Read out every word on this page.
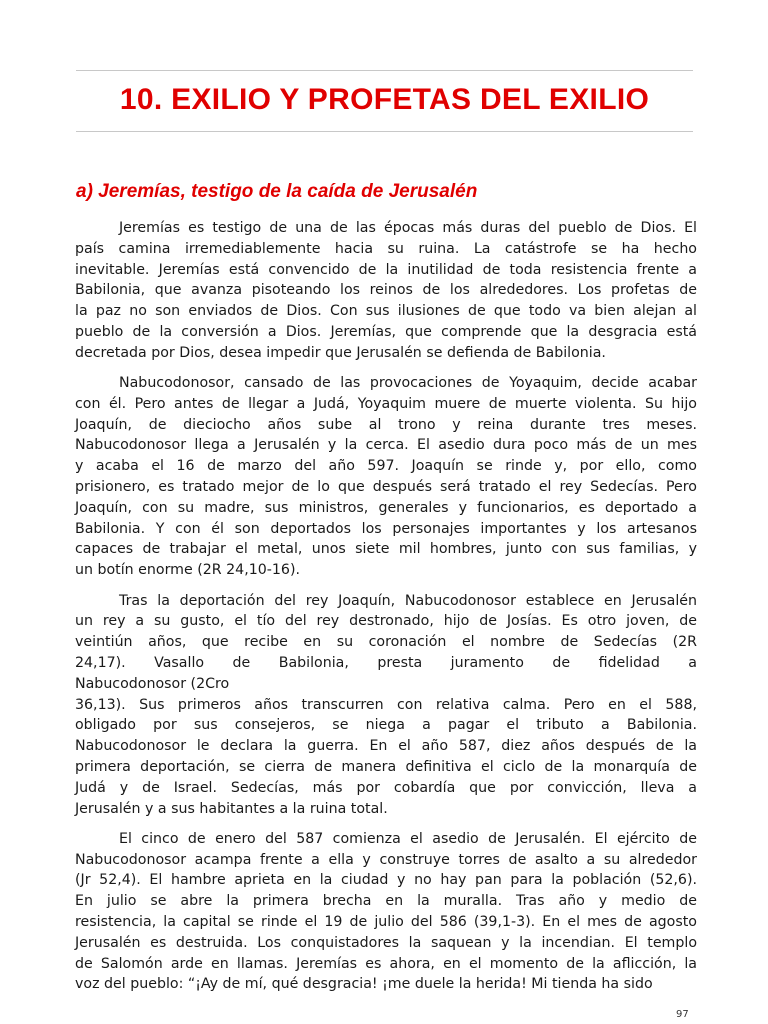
10. EXILIO Y PROFETAS DEL EXILIO
a) Jeremías, testigo de la caída de Jerusalén

Jeremías es testigo de una de las épocas más duras del pueblo de Dios. El
país camina irremediablemente hacia su ruina. La catástrofe se ha hecho
inevitable. Jeremías está convencido de la inutilidad de toda resistencia frente a
Babilonia, que avanza pisoteando los reinos de los alrededores. Los profetas de
la paz no son enviados de Dios. Con sus ilusiones de que todo va bien alejan al
pueblo de la conversión a Dios. Jeremías, que comprende que la desgracia está
decretada por Dios, desea impedir que Jerusalén se defienda de Babilonia.

Nabucodonosor, cansado de las provocaciones de Yoyaquim, decide acabar
con él. Pero antes de llegar a Judá, Yoyaquim muere de muerte violenta. Su hijo
Joaquín, de dieciocho años sube al trono y reina durante tres meses.
Nabucodonosor llega a Jerusalén y la cerca. El asedio dura poco más de un mes
y acaba el 16 de marzo del año 597. Joaquín se rinde y, por ello, como
prisionero, es tratado mejor de lo que después será tratado el rey Sedecías. Pero
Joaquín, con su madre, sus ministros, generales y funcionarios, es deportado a
Babilonia. Y con él son deportados los personajes importantes y los artesanos
capaces de trabajar el metal, unos siete mil hombres, junto con sus familias, y
un botín enorme (2R 24,10-16).

Tras la deportación del rey Joaquín, Nabucodonosor establece en Jerusalén
un rey a su gusto, el tío del rey destronado, hijo de Josías. Es otro joven, de
veintiún años, que recibe en su coronación el nombre de Sedecías (2R
24,17). Vasallo de Babilonia, presta juramento de fidelidad a
Nabucodonosor (2Cro
36,13). Sus primeros años transcurren con relativa calma. Pero en el 588,
obligado por sus consejeros, se niega a pagar el tributo a Babilonia.
Nabucodonosor le declara la guerra. En el año 587, diez años después de la
primera deportación, se cierra de manera definitiva el ciclo de la monarquía de
Judá y de Israel. Sedecías, más por cobardía que por convicción, lleva a
Jerusalén y a sus habitantes a la ruina total.

El cinco de enero del 587 comienza el asedio de Jerusalén. El ejército de
Nabucodonosor acampa frente a ella y construye torres de asalto a su alrededor
(Jr 52,4). El hambre aprieta en la ciudad y no hay pan para la población (52,6).
En julio se abre la primera brecha en la muralla. Tras año y medio de
resistencia, la capital se rinde el 19 de julio del 586 (39,1-3). En el mes de agosto
Jerusalén es destruida. Los conquistadores la saquean y la incendian. El templo
de Salomón arde en llamas. Jeremías es ahora, en el momento de la aflicción, la
voz del pueblo: “¡Ay de mí, qué desgracia! ¡me duele la herida! Mi tienda ha sido

97
